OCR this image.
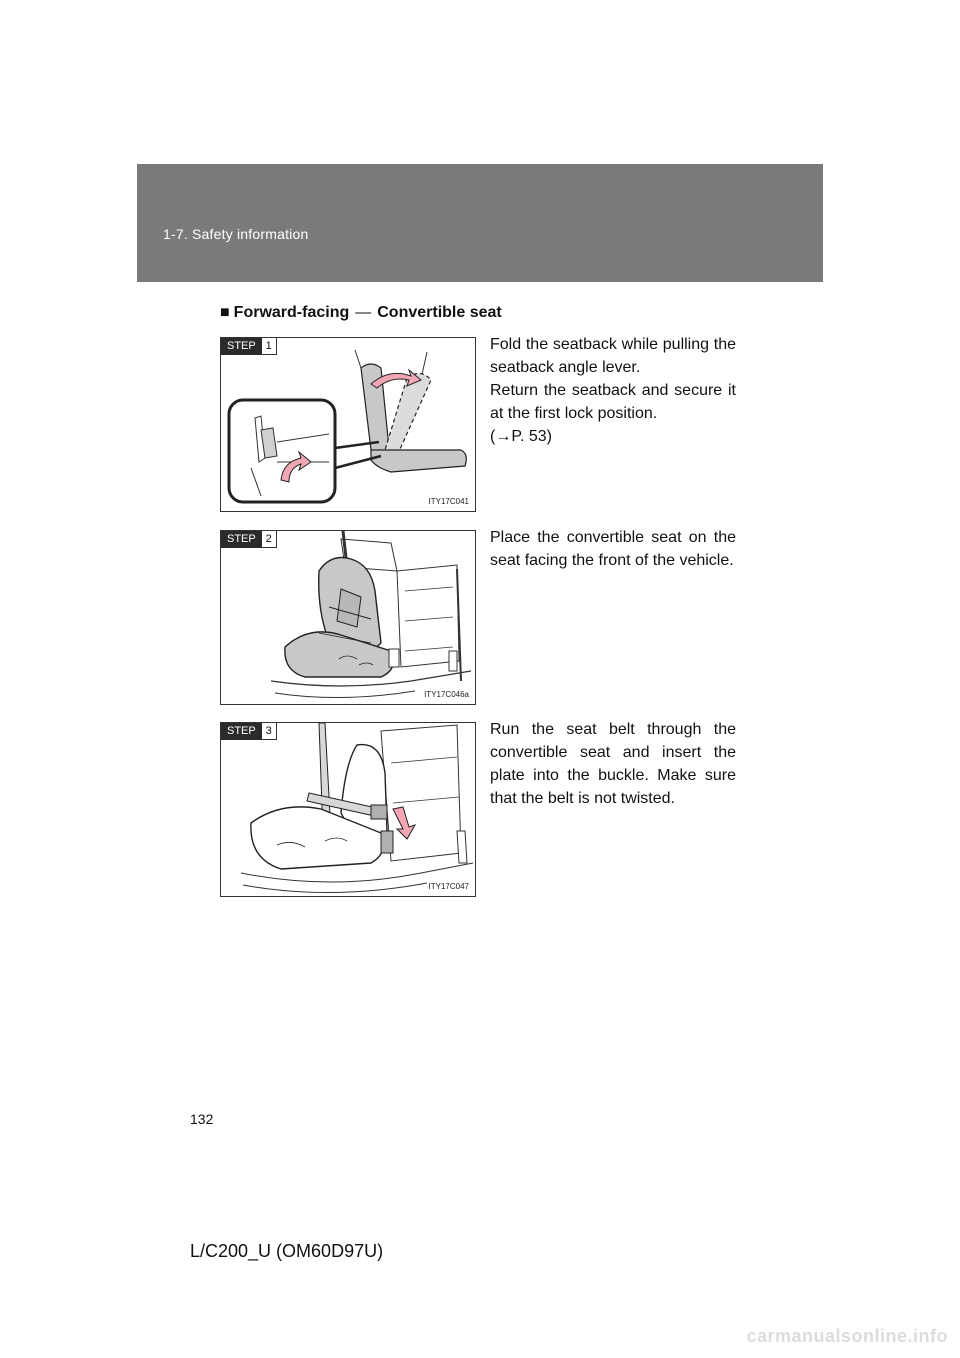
1-7. Safety information
■ Forward-facing — Convertible seat
STEP 1
ITY17C041

Fold the seatback while pulling the seatback angle lever.

Return the seatback and secure it at the first lock position.

(→P. 53)

STEP 2
ITY17C046a

Place the convertible seat on the seat facing the front of the vehicle.

STEP 3
ITY17C047

Run the seat belt through the convertible seat and insert the plate into the buckle. Make sure that the belt is not twisted.

132
L/C200_U (OM60D97U)
carmanualsonline.info
